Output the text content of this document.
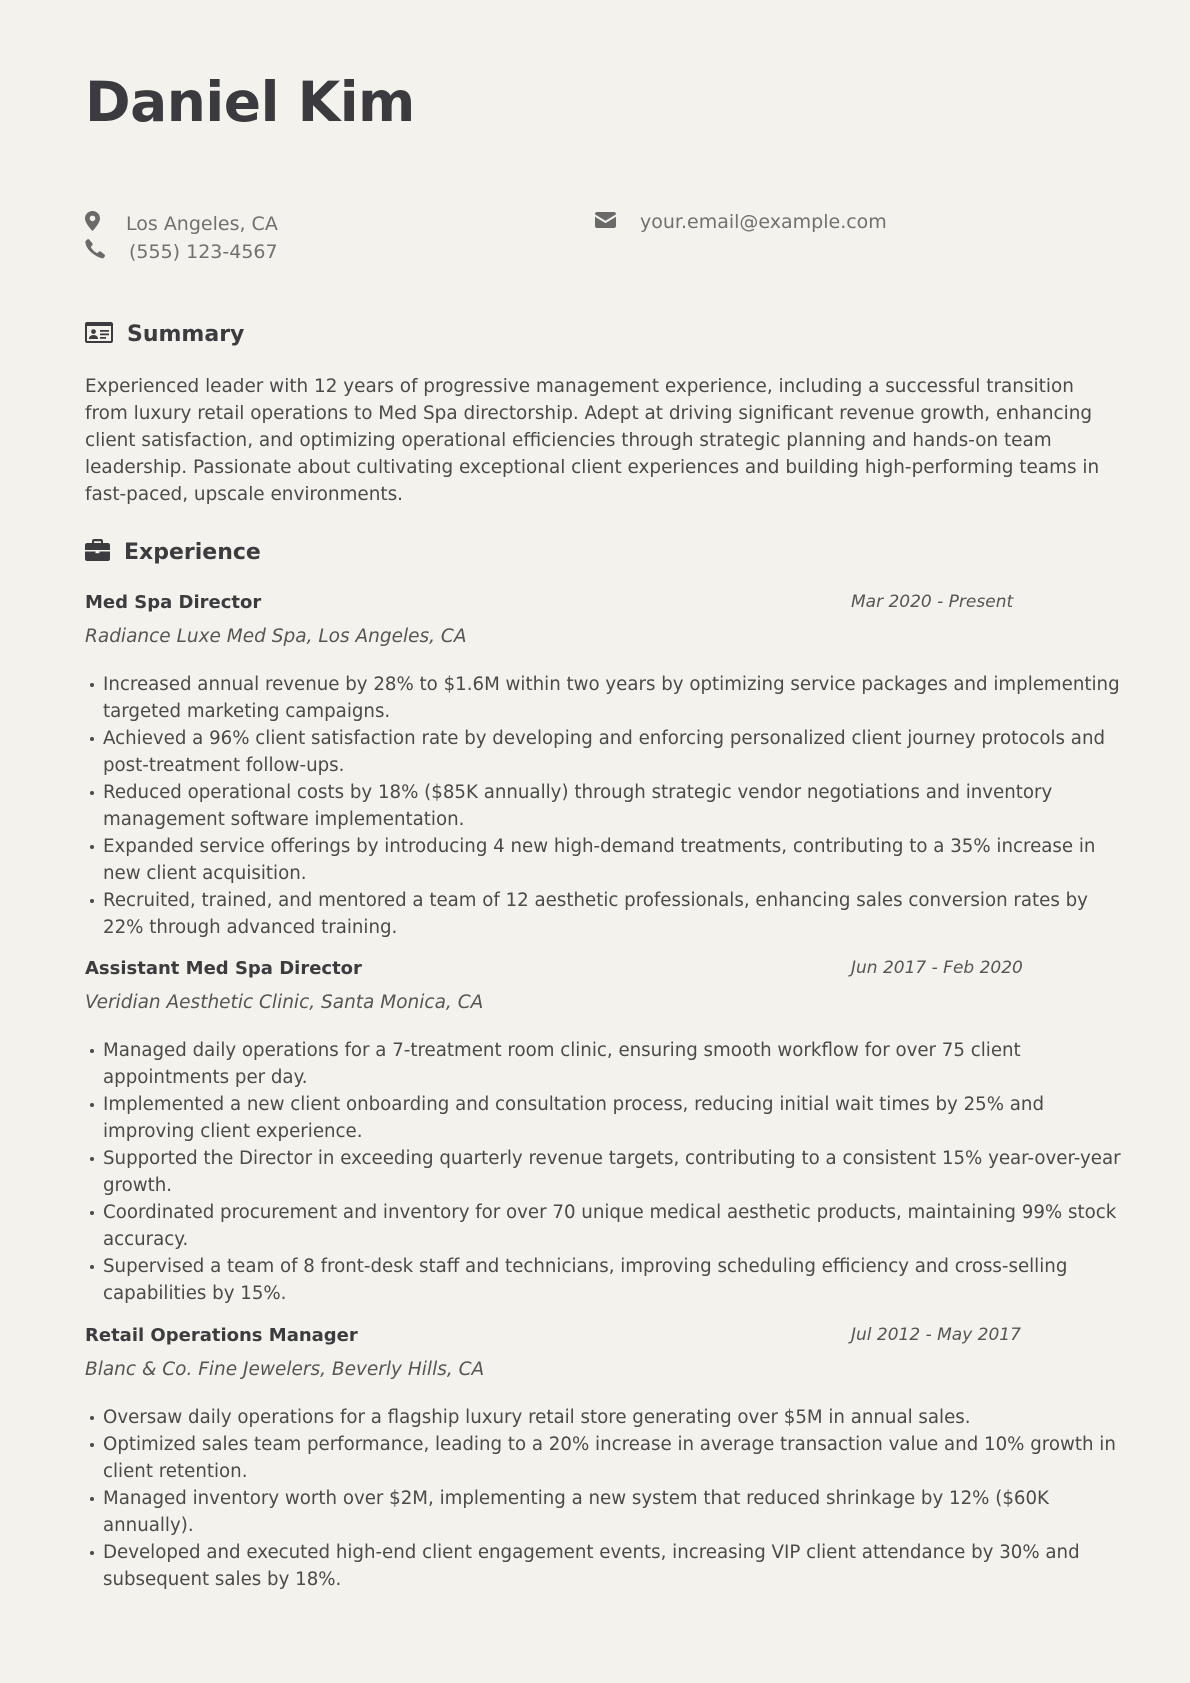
Daniel Kim
Los Angeles, CA
(555) 123-4567
your.email@example.com
Summary

Experienced leader with 12 years of progressive management experience, including a successful transition from luxury retail operations to Med Spa directorship. Adept at driving significant revenue growth, enhancing client satisfaction, and optimizing operational efficiencies through strategic planning and hands-on team leadership. Passionate about cultivating exceptional client experiences and building high-performing teams in fast-paced, upscale environments.

Experience
Med Spa Director	Mar 2020 - Present
Radiance Luxe Med Spa, Los Angeles, CA
Increased annual revenue by 28% to $1.6M within two years by optimizing service packages and implementing targeted marketing campaigns.
Achieved a 96% client satisfaction rate by developing and enforcing personalized client journey protocols and post-treatment follow-ups.
Reduced operational costs by 18% ($85K annually) through strategic vendor negotiations and inventory management software implementation.
Expanded service offerings by introducing 4 new high-demand treatments, contributing to a 35% increase in new client acquisition.
Recruited, trained, and mentored a team of 12 aesthetic professionals, enhancing sales conversion rates by 22% through advanced training.
Assistant Med Spa Director	Jun 2017 - Feb 2020
Veridian Aesthetic Clinic, Santa Monica, CA
Managed daily operations for a 7-treatment room clinic, ensuring smooth workflow for over 75 client appointments per day.
Implemented a new client onboarding and consultation process, reducing initial wait times by 25% and improving client experience.
Supported the Director in exceeding quarterly revenue targets, contributing to a consistent 15% year-over-year growth.
Coordinated procurement and inventory for over 70 unique medical aesthetic products, maintaining 99% stock accuracy.
Supervised a team of 8 front-desk staff and technicians, improving scheduling efficiency and cross-selling capabilities by 15%.
Retail Operations Manager	Jul 2012 - May 2017
Blanc & Co. Fine Jewelers, Beverly Hills, CA
Oversaw daily operations for a flagship luxury retail store generating over $5M in annual sales.
Optimized sales team performance, leading to a 20% increase in average transaction value and 10% growth in client retention.
Managed inventory worth over $2M, implementing a new system that reduced shrinkage by 12% ($60K annually).
Developed and executed high-end client engagement events, increasing VIP client attendance by 30% and subsequent sales by 18%.
